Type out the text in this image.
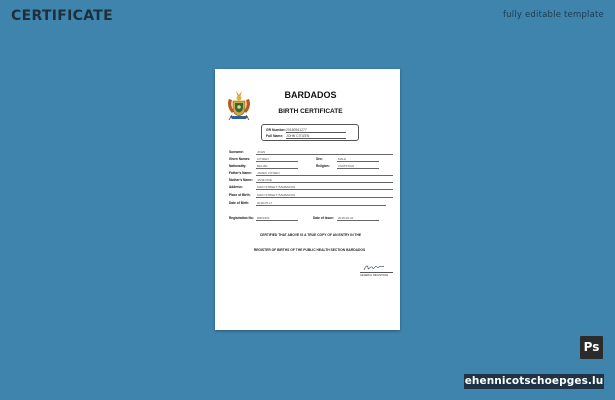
CERTIFICATE	fully editable template
BARDADOS
BIRTH CERTIFICATE
GR Number:20180961277
Full Name: JOHN CITIZEN
Surname:	JOHN
Given Names: CITIZEN	Sex:	MALE
Nationality:	BELIZE	Religion:	CHRISTIAN
Father's Name: JAMES CITIZEN
Mother's Name: JANE DOE
Address:	MAIN STREET, BARBADOS
Place of Birth: MAIN STREET, BARBADOS
Date of Birth:	2018-05-17
Registration No: BR51561	Date of Issue: 2018-06-01
CERTIFIED THAT ABOVE IS A TRUE COPY OF AN ENTRY IN THE
REGISTER OF BIRTHS OF THE PUBLIC HEALTH SECTION BARDADOS
GENERAL REGISTRAR
Ps
ehennicotschoepges.lu
